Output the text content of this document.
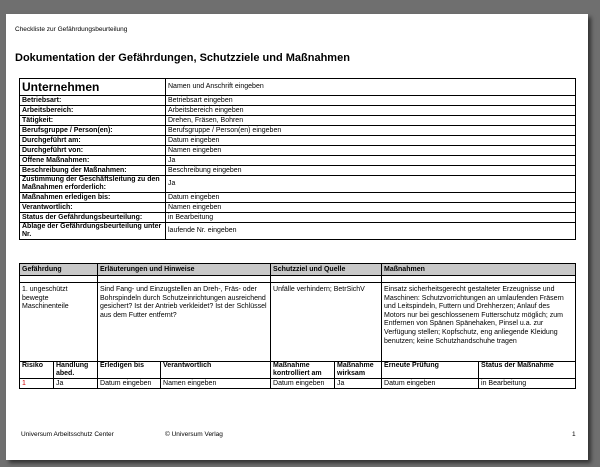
Checkliste zur Gefährdungsbeurteilung
Dokumentation der Gefährdungen, Schutzziele und Maßnahmen
Unternehmen	Namen und Anschrift eingeben
Betriebsart:	Betriebsart eingeben
Arbeitsbereich:	Arbeitsbereich eingeben
Tätigkeit:	Drehen, Fräsen, Bohren
Berufsgruppe / Person(en):	Berufsgruppe / Person(en) eingeben
Durchgeführt am:	Datum eingeben
Durchgeführt von:	Namen eingeben
Offene Maßnahmen:	Ja
Beschreibung der Maßnahmen:	Beschreibung eingeben
Zustimmung der Geschäftsleitung zu den Maßnahmen erforderlich:	Ja
Maßnahmen erledigen bis:	Datum eingeben
Verantwortlich:	Namen eingeben
Status der Gefährdungsbeurteilung:	in Bearbeitung
Ablage der Gefährdungsbeurteilung unter Nr.	laufende Nr. eingeben
Gefährdung		Erläuterungen und Hinweise		Schutzziel und Quelle		Maßnahmen	

1. ungeschützt bewegte Maschinenteile		Sind Fang- und Einzugstellen an Dreh-, Fräs- oder Bohrspindeln durch Schutzeinrichtungen ausreichend gesichert? Ist der Antrieb verkleidet? Ist der Schlüssel aus dem Futter entfernt?		Unfälle verhindern; BetrSichV		Einsatz sicherheitsgerecht gestalteter Erzeugnisse und Maschinen: Schutzvorrichtungen an umlaufenden Fräsern und Leitspindeln, Futtern und Drehherzen; Anlauf des Motors nur bei geschlossenem Futterschutz möglich; zum Entfernen von Spänen Spänehaken, Pinsel u.a. zur Verfügung stellen; Kopfschutz, eng anliegende Kleidung benutzen; keine Schutzhandschuhe tragen	
Risiko	Handlung abed.	Erledigen bis	Verantwortlich	Maßnahme kontrolliert am	Maßnahme wirksam	Erneute Prüfung	Status der Maßnahme
1	Ja	Datum eingeben	Namen eingeben	Datum eingeben	Ja	Datum eingeben	in Bearbeitung
Universum Arbeitsschutz Center	© Universum Verlag	1
